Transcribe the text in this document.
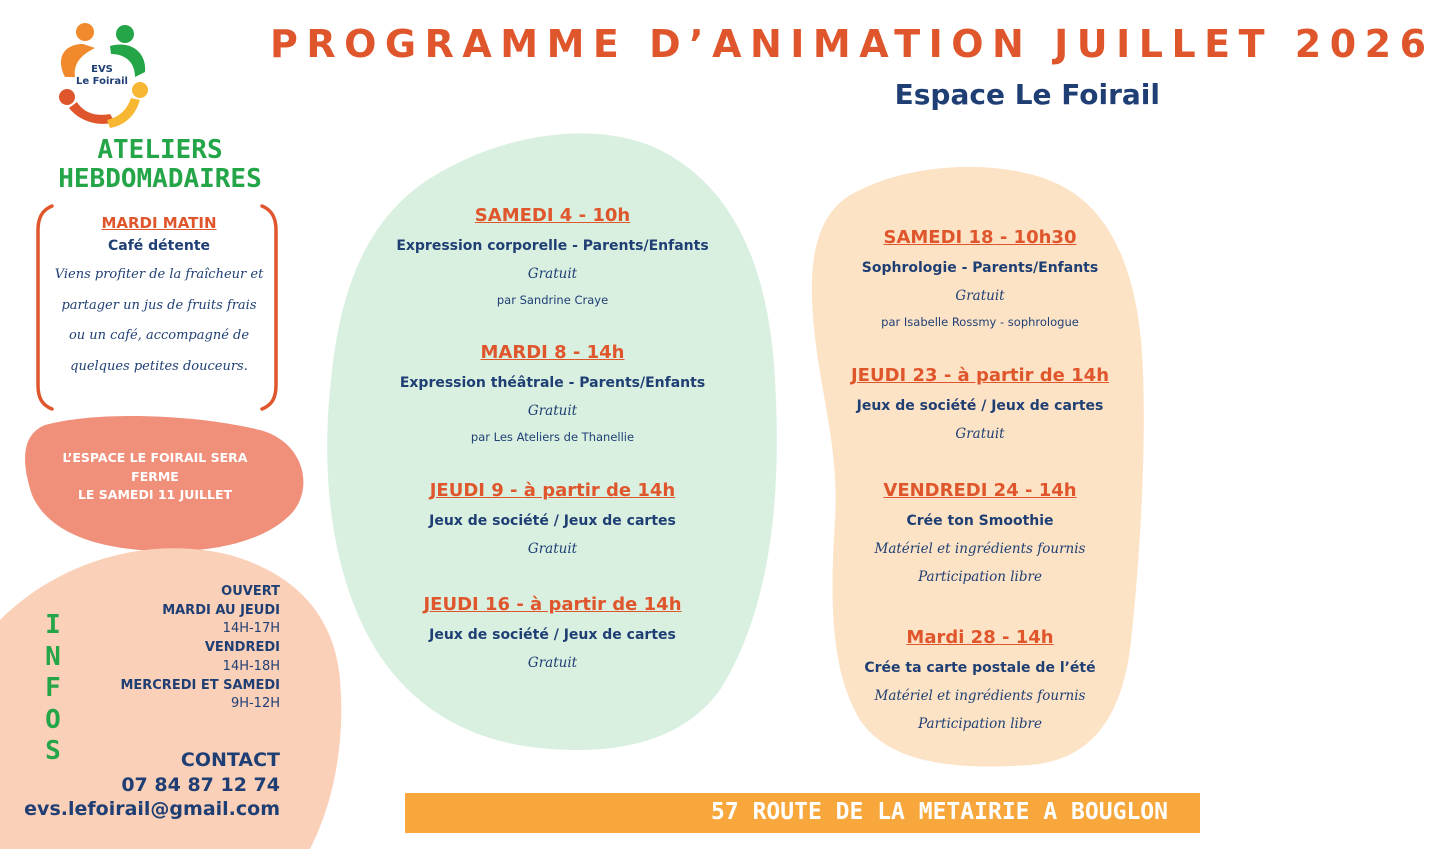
EVS
Le Foirail
PROGRAMME D’ANIMATION JUILLET 2026
Espace Le Foirail
ATELIERS
HEBDOMADAIRES
MARDI MATIN
Café détente
Viens profiter de la fraîcheur et
partager un jus de fruits frais
ou un café, accompagné de
quelques petites douceurs.
L’ESPACE LE FOIRAIL SERA
FERME
LE SAMEDI 11 JUILLET
I
N
F
O
S
OUVERT
MARDI AU JEUDI
14H-17H
VENDREDI
14H-18H
MERCREDI ET SAMEDI
9H-12H
CONTACT
07 84 87 12 74
evs.lefoirail@gmail.com
SAMEDI 4 - 10h
Expression corporelle - Parents/Enfants
Gratuit
par Sandrine Craye
MARDI 8 - 14h
Expression théâtrale - Parents/Enfants
Gratuit
par Les Ateliers de Thanellie
JEUDI 9 - à partir de 14h
Jeux de société / Jeux de cartes
Gratuit
JEUDI 16 - à partir de 14h
Jeux de société / Jeux de cartes
Gratuit
SAMEDI 18 - 10h30
Sophrologie - Parents/Enfants
Gratuit
par Isabelle Rossmy - sophrologue
JEUDI 23 - à partir de 14h
Jeux de société / Jeux de cartes
Gratuit
VENDREDI 24 - 14h
Crée ton Smoothie
Matériel et ingrédients fournis
Participation libre
Mardi 28 - 14h
Crée ta carte postale de l’été
Matériel et ingrédients fournis
Participation libre
57 ROUTE DE LA METAIRIE A BOUGLON
